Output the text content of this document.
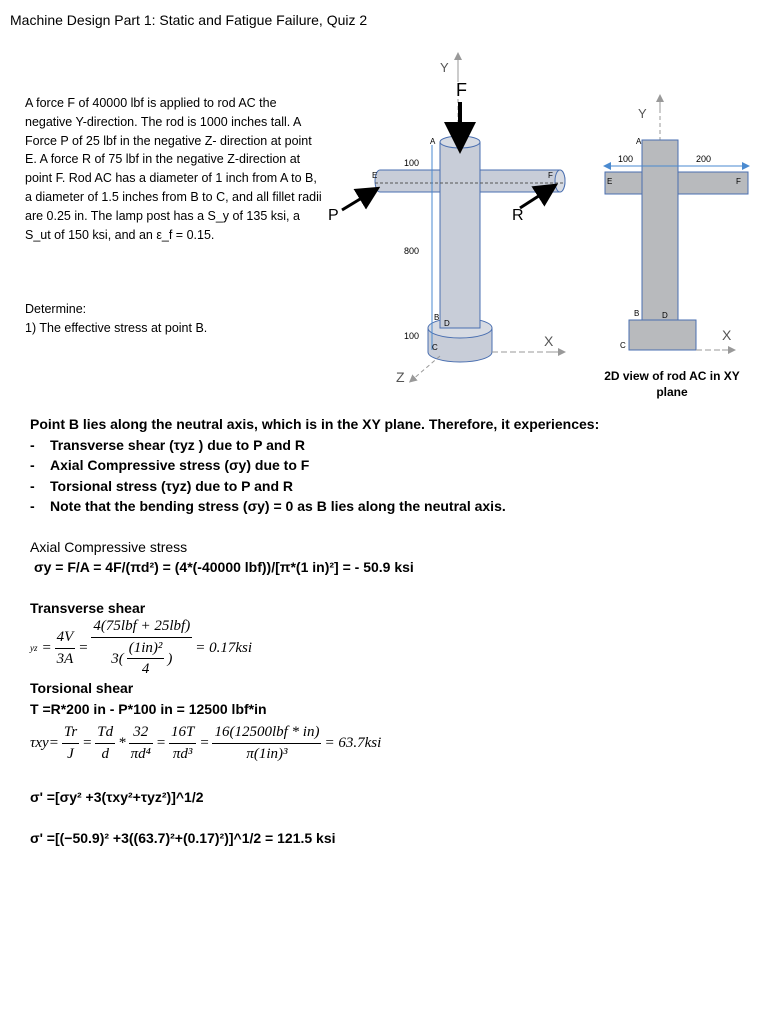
Machine Design Part 1: Static and Fatigue Failure, Quiz 2

A force F of 40000 lbf is applied to rod AC the negative Y-direction. The rod is 1000 inches tall. A Force P of 25 lbf in the negative Z- direction at point E. A force R of 75 lbf in the negative Z-direction at point F. Rod AC has a diameter of 1 inch from A to B, a diameter of 1.5 inches from B to C, and all fillet radii are 0.25 in. The lamp post has a S_y of 135 ksi, a S_ut of 150 ksi, and an ε_f = 0.15.

Determine:
1) The effective stress at point B.
Y
100
800
100
F
P	R
A
E	F
B
D
C	X
Z
Y
100	200
A
E	F
B	D
C
X
2D view of rod AC in XY
plane
Point B lies along the neutral axis, which is in the XY plane. Therefore, it experiences:
- Transverse shear (τyz ) due to P and R
- Axial Compressive stress (σy) due to F
- Torsional stress (τyz) due to P and R
- Note that the bending stress (σy) = 0 as B lies along the neutral axis.
Axial Compressive stress
σy = F/A = 4F/(πd²) = (4*(-40000 lbf))/[π*(1 in)²] = - 50.9 ksi
Transverse shear
yz = $\frac{4V}{3A} = \frac{\text{4(75lbf + 25lbf)}}{3( \frac{\text{(1in)²}}{4} )} = 0.17ksi$
Torsional shear
T =R*200 in - P*100 in = 12500 lbf*in
$\tau xy = \frac{Tr}{J} = \frac{Td}{d} * \frac{32}{\text{πd⁴}} = \frac{16T}{\text{πd³}} = \frac{\text{16(12500lbf * in)}}{\text{π(1in)³}} = 63.7ksi$
σ' =[σy² +3(τxy²+τyz²)]^1/2
σ' =[(−50.9)² +3((63.7)²+(0.17)²)]^1/2 = 121.5 ksi
